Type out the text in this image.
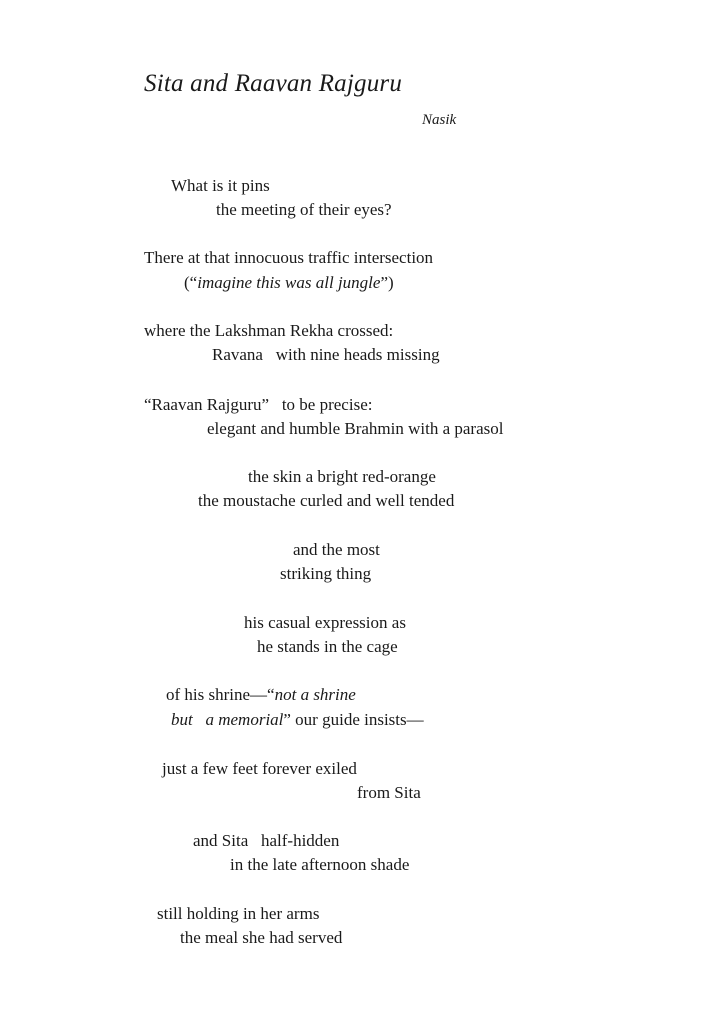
Sita and Raavan Rajguru
Nasik
What is it pins
the meeting of their eyes?
There at that innocuous traffic intersection
(“imagine this was all jungle”)
where the Lakshman Rekha crossed:
Ravana   with nine heads missing
“Raavan Rajguru”   to be precise:
elegant and humble Brahmin with a parasol
the skin a bright red-orange
the moustache curled and well tended
and the most
striking thing
his casual expression as
he stands in the cage
of his shrine—“not a shrine
but   a memorial” our guide insists—
just a few feet forever exiled
from Sita
and Sita   half-hidden
in the late afternoon shade
still holding in her arms
the meal she had served
